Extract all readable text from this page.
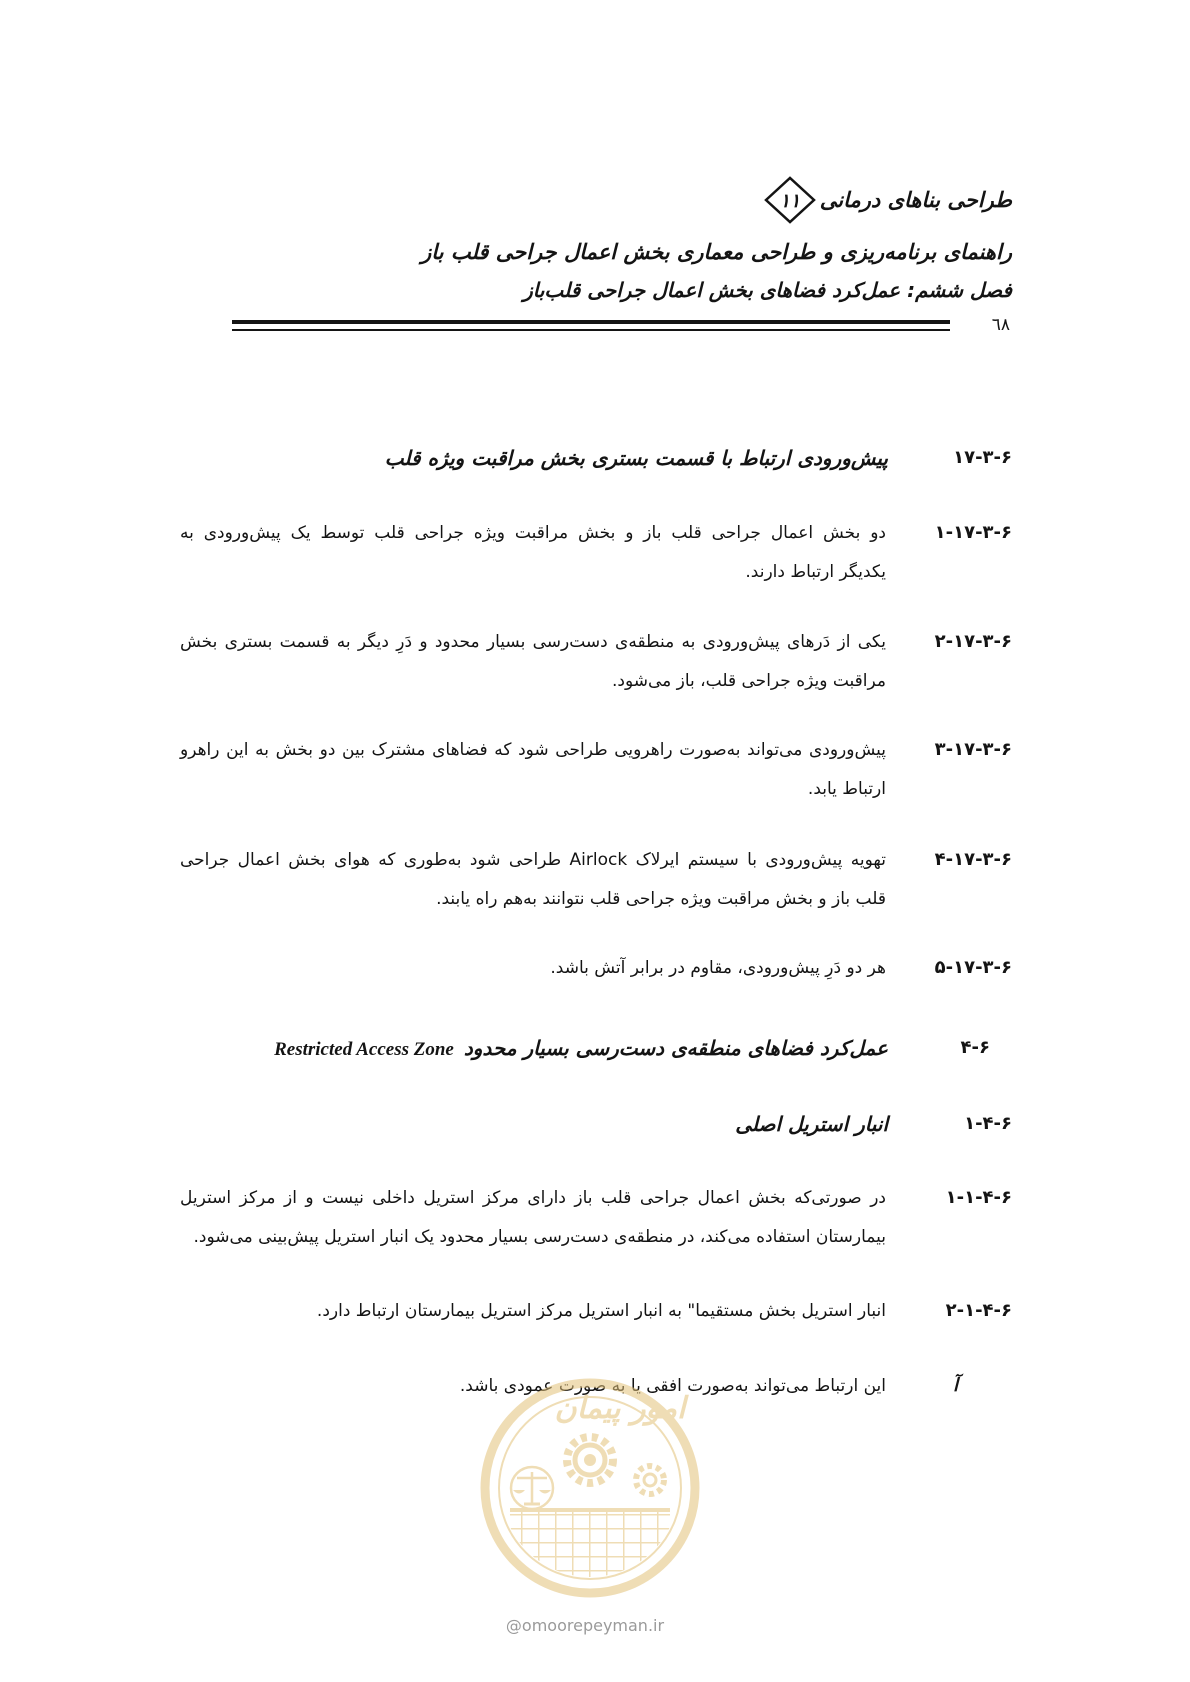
طراحی بناهای درمانی
۱۱
راهنمای برنامه‌ریزی و طراحی معماری بخش اعمال جراحی قلب باز
فصل ششم: عمل‌کرد فضاهای بخش اعمال جراحی قلب‌باز
٦٨
۱۷-۳-۶
پیش‌ورودی ارتباط با قسمت بستری بخش مراقبت ویژه قلب
۱-۱۷-۳-۶
دو بخش اعمال جراحی قلب باز و بخش مراقبت ویژه جراحی قلب توسط یک پیش‌ورودی به
یکدیگر ارتباط دارند.
۲-۱۷-۳-۶
یکی از دَرهای پیش‌ورودی به منطقه‌ی دست‌رسی بسیار محدود و دَرِ دیگر به قسمت بستری بخش
مراقبت ویژه جراحی قلب، باز می‌شود.
۳-۱۷-۳-۶
پیش‌ورودی می‌تواند به‌صورت راهرویی طراحی شود که فضاهای مشترک بین دو بخش به این راهرو
ارتباط یابد.
۴-۱۷-۳-۶
تهویه پیش‌ورودی با سیستم ایرلاک Airlock طراحی شود به‌طوری که هوای بخش اعمال جراحی
قلب باز و بخش مراقبت ویژه جراحی قلب نتوانند به‌هم راه یابند.
۵-۱۷-۳-۶
هر دو دَرِ پیش‌ورودی، مقاوم در برابر آتش باشد.
۴-۶
عمل‌کرد فضاهای منطقه‌ی دست‌رسی بسیار محدودRestricted Access Zone
۱-۴-۶
انبار استریل اصلی
۱-۱-۴-۶
در صورتی‌که بخش اعمال جراحی قلب باز دارای مرکز استریل داخلی نیست و از مرکز استریل
بیمارستان استفاده می‌کند، در منطقه‌ی دست‌رسی بسیار محدود یک انبار استریل پیش‌بینی می‌شود.
۲-۱-۴-۶
انبار استریل بخش مستقیما" به انبار استریل مرکز استریل بیمارستان ارتباط دارد.
آ
این ارتباط می‌تواند به‌صورت افقی یا به صورت عمودی باشد.
امور پیمان
@omoorepeyman.ir
